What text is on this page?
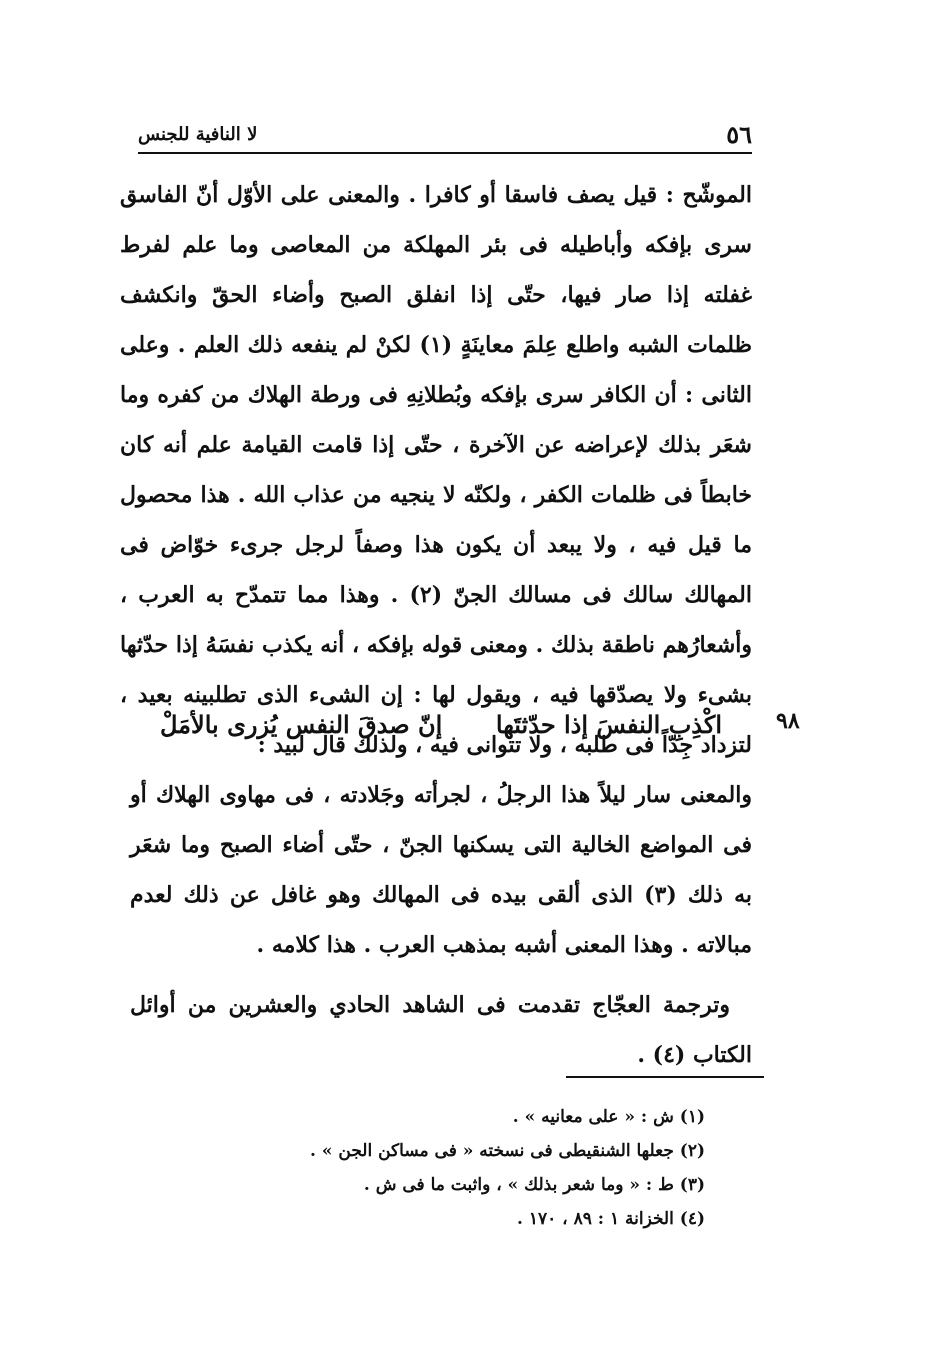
٥٦
لا النافية للجنس

الموشّح : قيل يصف فاسقا أو كافرا . والمعنى على الأوّل أنّ الفاسق سرى بإفكه وأباطيله فى بئر المهلكة من المعاصى وما علم لفرط غفلته إذا صار فيها، حتّى إذا انفلق الصبح وأضاء الحقّ وانكشف ظلمات الشبه واطلع عِلمَ معاينَةٍ (١) لكنْ لم ينفعه ذلك العلم . وعلى الثانى : أن الكافر سرى بإفكه وبُطلانِهِ فى ورطة الهلاك من كفره وما شعَر بذلك لإعراضه عن الآخرة ، حتّى إذا قامت القيامة علم أنه كان خابطاً فى ظلمات الكفر ، ولكنّه لا ينجيه من عذاب الله . هذا محصول ما قيل فيه ، ولا يبعد أن يكون هذا وصفاً لرجل جرىء خوّاض فى المهالك سالك فى مسالك الجنّ (٢) . وهذا مما تتمدّح به العرب ، وأشعارُهم ناطقة بذلك . ومعنى قوله بإفكه ، أنه يكذب نفسَهُ إذا حدّثها بشىء ولا يصدّقها فيه ، ويقول لها : إن الشىء الذى تطلبينه بعيد ، لتزداد جِدّاً فى طلبه ، ولا تتوانى فيه ، ولذلك قال لَبيد :

اكْذِبِ النفسَ إذا حدّثتَها
إنّ صدقَ النفس يُزرى بالأمَلْ	٩٨

والمعنى سار ليلاً هذا الرجلُ ، لجرأته وجَلادته ، فى مهاوى الهلاك أو فى المواضع الخالية التى يسكنها الجنّ ، حتّى أضاء الصبح وما شعَر به ذلك (٣) الذى ألقى بيده فى المهالك وهو غافل عن ذلك لعدم مبالاته . وهذا المعنى أشبه بمذهب العرب . هذا كلامه .

وترجمة العجّاج تقدمت فى الشاهد الحادي والعشرين من أوائل الكتاب (٤) .

(١) ش : « على معانيه » .
(٢) جعلها الشنقيطى فى نسخته « فى مساكن الجن » .
(٣) ط : « وما شعر بذلك » ، واثبت ما فى ش .
(٤) الخزانة ١ : ٨٩ ، ١٧٠ .
